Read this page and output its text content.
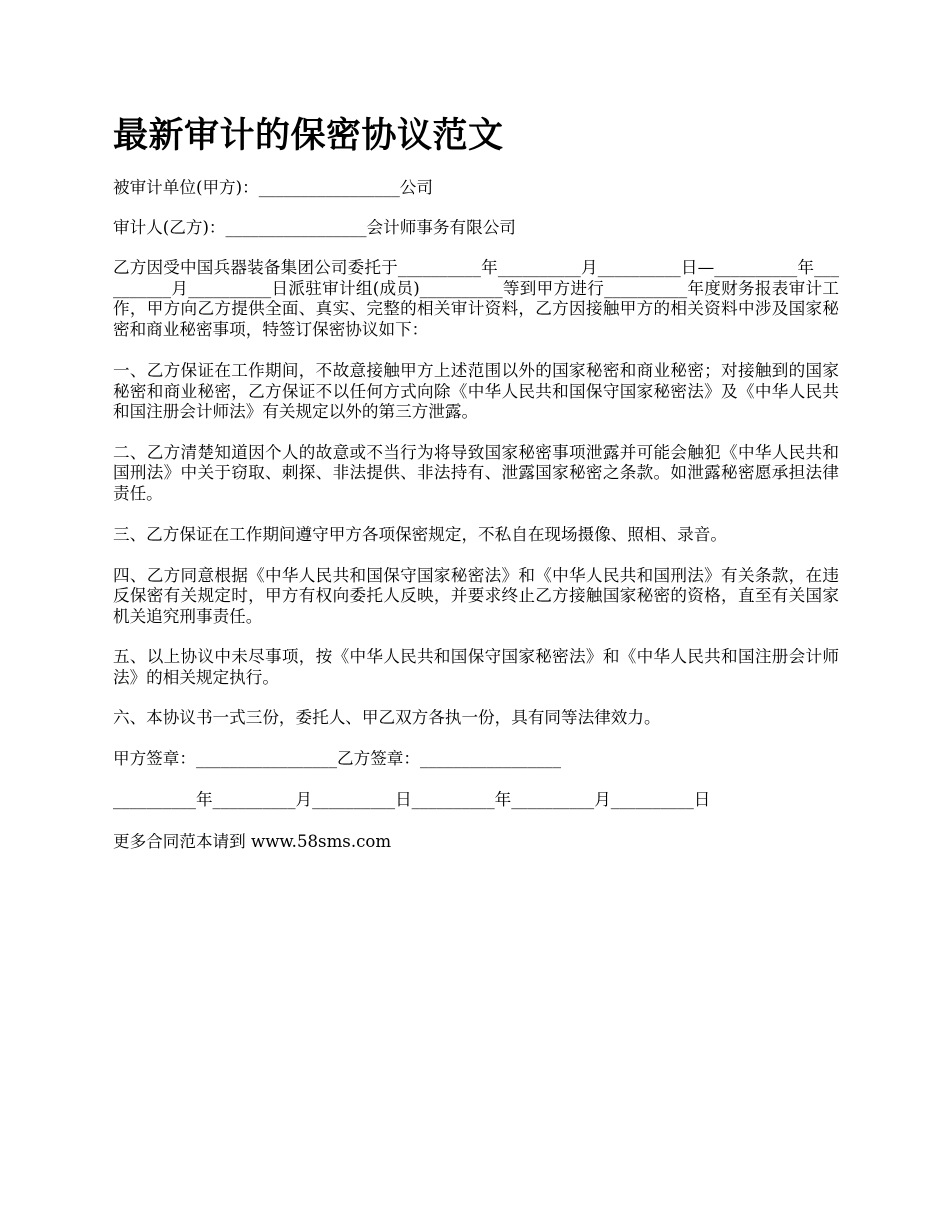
最新审计的保密协议范文

被审计单位(甲方)：_________________公司

审计人(乙方)：_________________会计师事务有限公司

乙方因受中国兵器装备集团公司委托于__________年__________月__________日—__________年__________月__________日派驻审计组(成员)__________等到甲方进行__________年度财务报表审计工作，甲方向乙方提供全面、真实、完整的相关审计资料，乙方因接触甲方的相关资料中涉及国家秘密和商业秘密事项，特签订保密协议如下：

一、乙方保证在工作期间，不故意接触甲方上述范围以外的国家秘密和商业秘密；对接触到的国家秘密和商业秘密，乙方保证不以任何方式向除《中华人民共和国保守国家秘密法》及《中华人民共和国注册会计师法》有关规定以外的第三方泄露。

二、乙方清楚知道因个人的故意或不当行为将导致国家秘密事项泄露并可能会触犯《中华人民共和国刑法》中关于窃取、刺探、非法提供、非法持有、泄露国家秘密之条款。如泄露秘密愿承担法律责任。

三、乙方保证在工作期间遵守甲方各项保密规定，不私自在现场摄像、照相、录音。

四、乙方同意根据《中华人民共和国保守国家秘密法》和《中华人民共和国刑法》有关条款，在违反保密有关规定时，甲方有权向委托人反映，并要求终止乙方接触国家秘密的资格，直至有关国家机关追究刑事责任。

五、以上协议中未尽事项，按《中华人民共和国保守国家秘密法》和《中华人民共和国注册会计师法》的相关规定执行。

六、本协议书一式三份，委托人、甲乙双方各执一份，具有同等法律效力。

甲方签章：_________________乙方签章：_________________

__________年__________月__________日__________年__________月__________日

更多合同范本请到 www.58sms.com
